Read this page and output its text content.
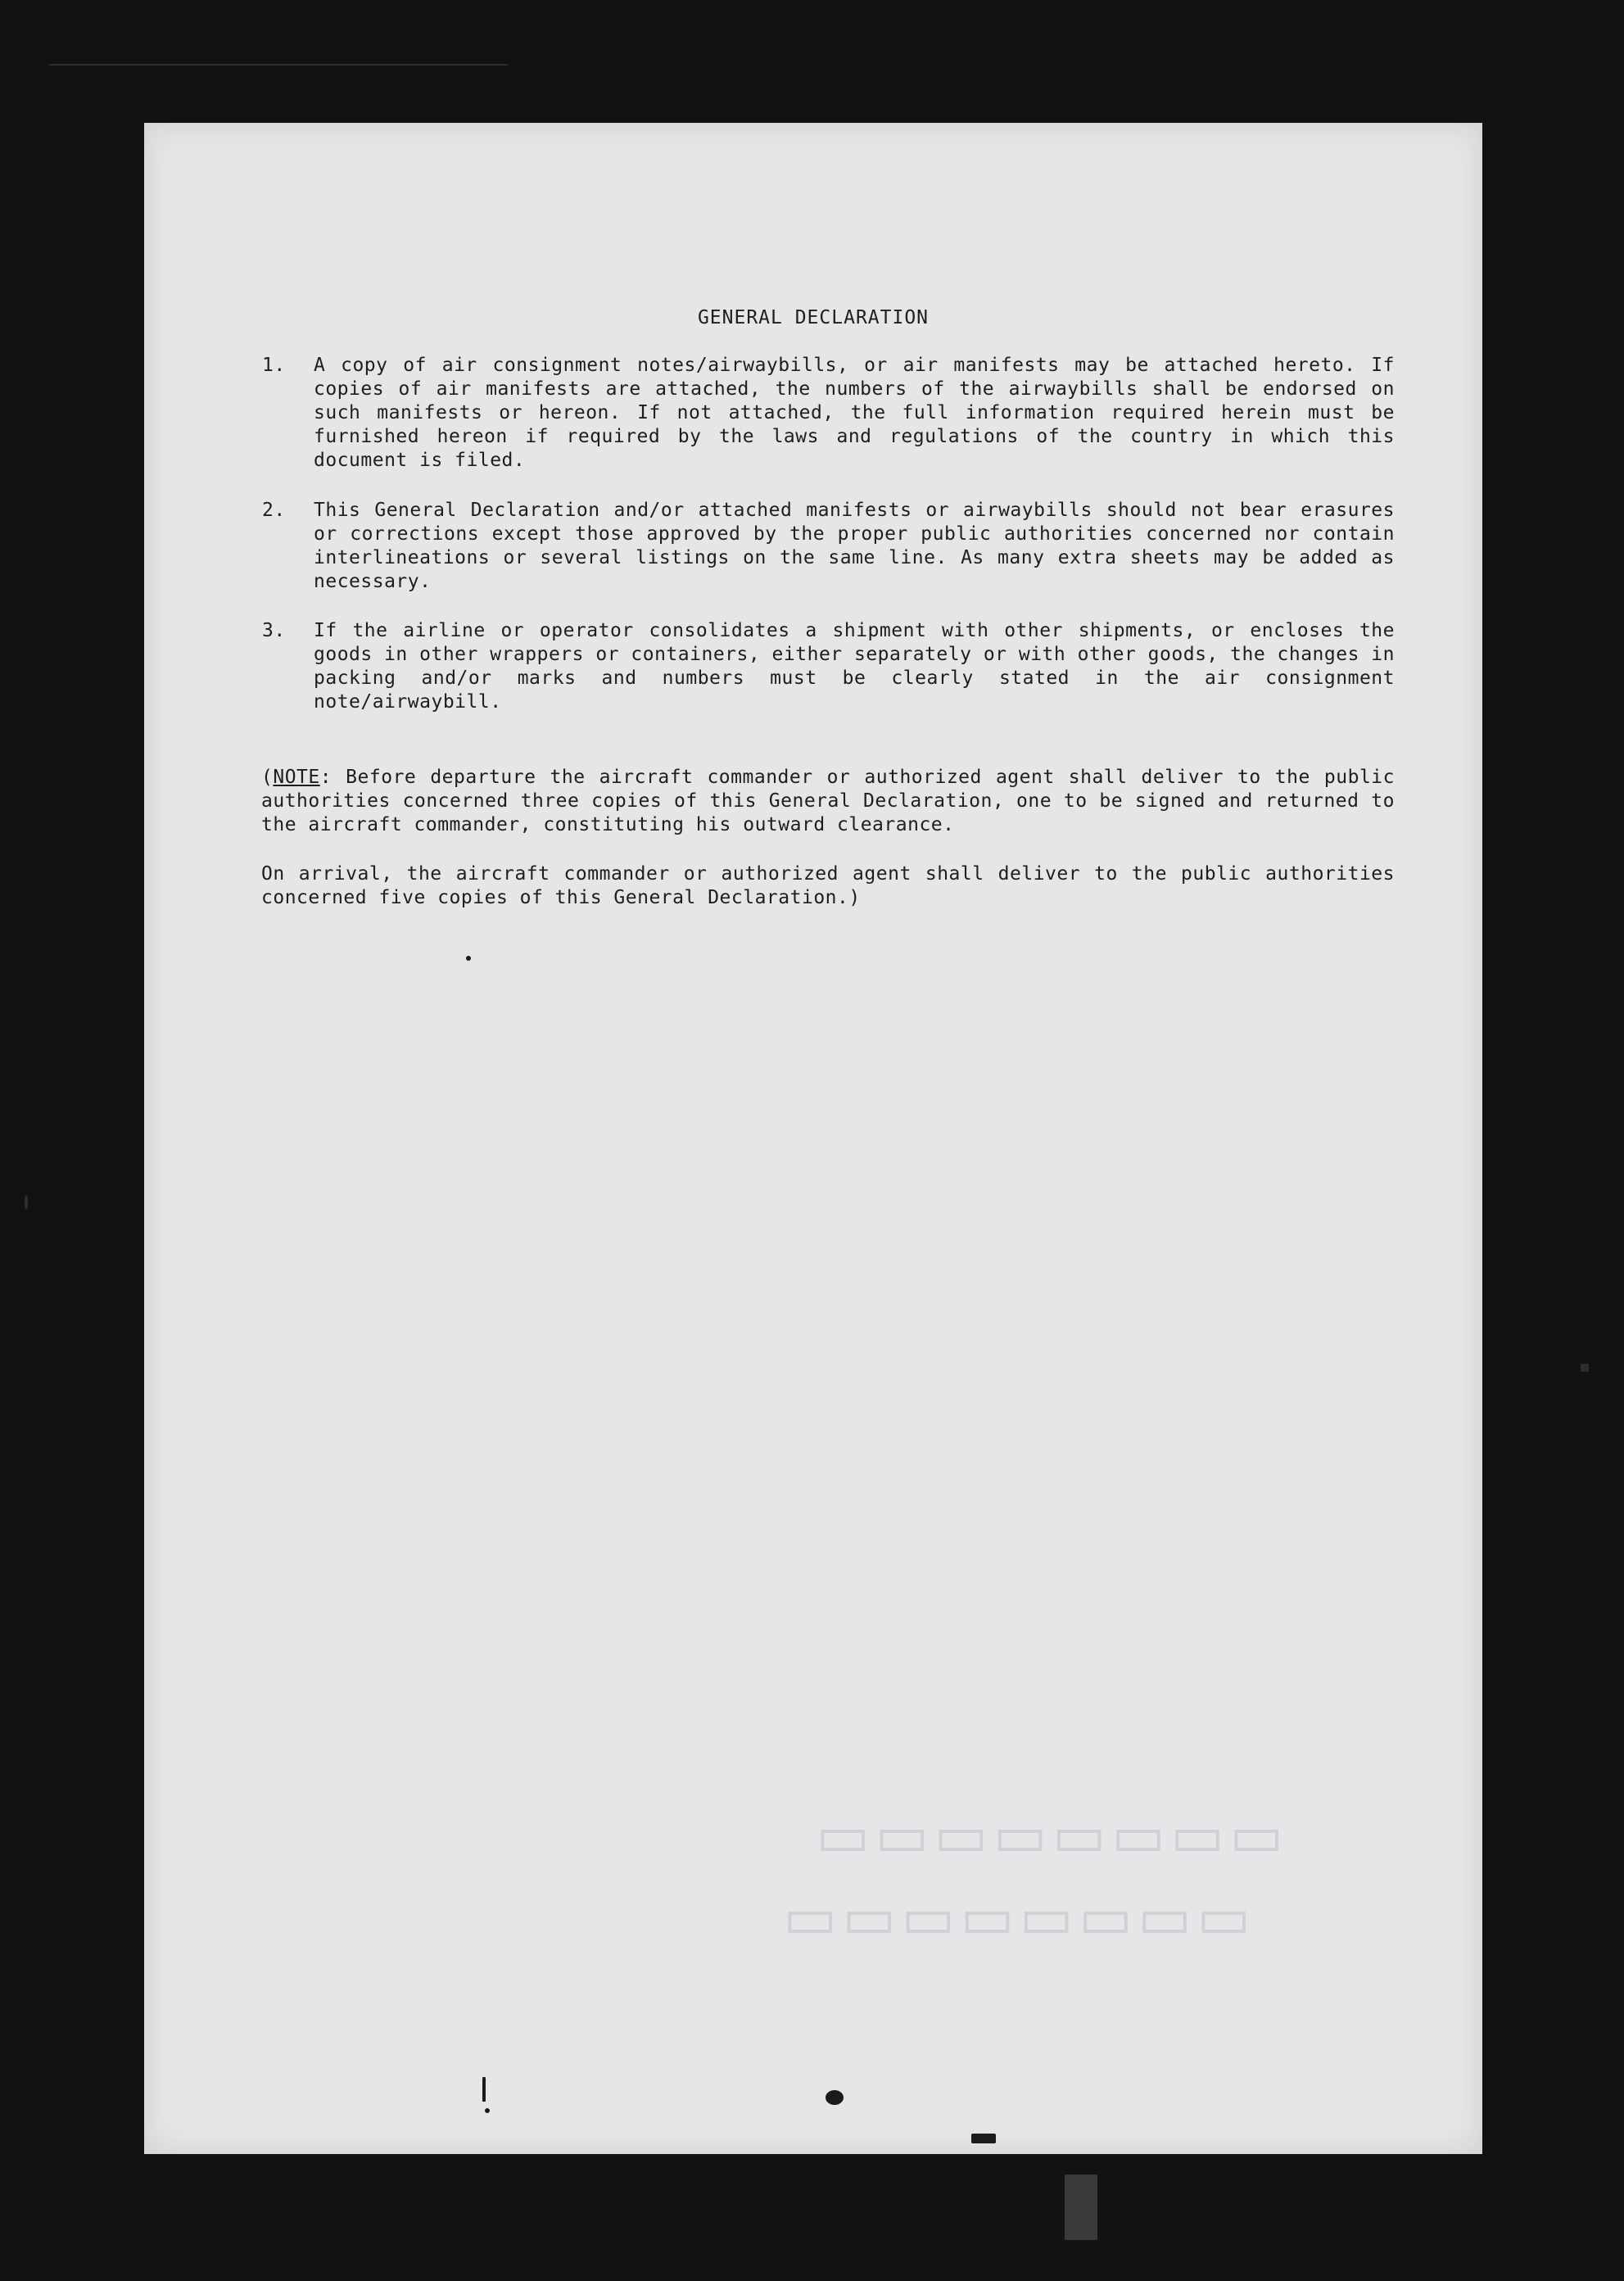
▭▭▭▭▭▭▭▭
▭▭▭▭▭▭▭▭
GENERAL DECLARATION
1. A copy of air consignment notes/airwaybills, or air manifests may be attached hereto. If copies of air manifests are attached, the numbers of the airwaybills shall be endorsed on such manifests or hereon. If not attached, the full information required herein must be furnished hereon if required by the laws and regulations of the country in which this document is filed.
2. This General Declaration and/or attached manifests or airwaybills should not bear erasures or corrections except those approved by the proper public authorities concerned nor contain interlineations or several listings on the same line. As many extra sheets may be added as necessary.
3. If the airline or operator consolidates a shipment with other shipments, or encloses the goods in other wrappers or containers, either separately or with other goods, the changes in packing and/or marks and numbers must be clearly stated in the air consignment note/airwaybill.
(NOTE: Before departure the aircraft commander or authorized agent shall deliver to the public authorities concerned three copies of this General Declaration, one to be signed and returned to the aircraft commander, constituting his outward clearance.
On arrival, the aircraft commander or authorized agent shall deliver to the public authorities concerned five copies of this General Declaration.)
